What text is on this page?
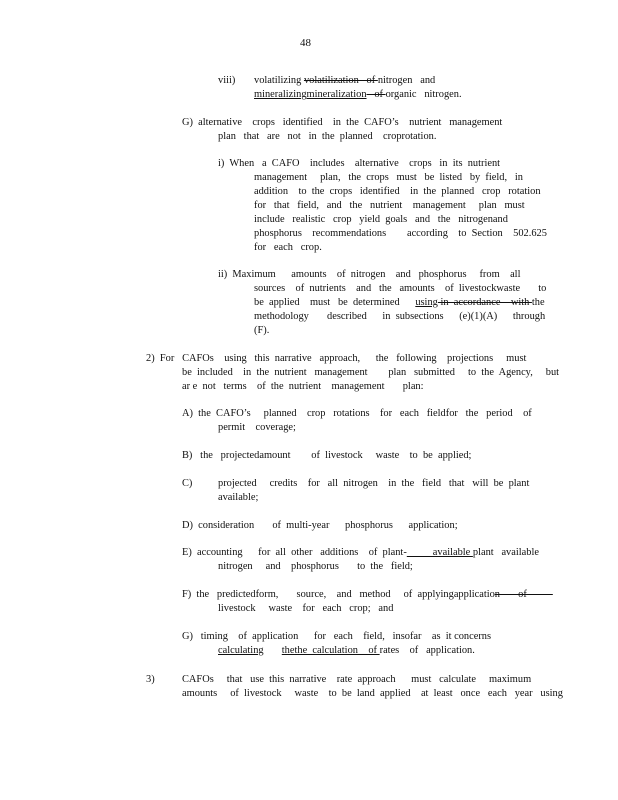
48
viii) volatilizing volatilization   of nitrogen   and
mineralizingmineralization   of organic   nitrogen.
G)  alternative    crops   identified    in  the  CAFO’s    nutrient   management
plan   that   are   not   in  the  planned    croprotation.
i)  When   a  CAFO    includes    alternative    crops   in  its  nutrient
management     plan,   the  crops   must   be  listed   by  field,   in
addition    to  the  crops   identified    in  the  planned   crop   rotation
for   that   field,   and   the   nutrient    management     plan   must
include   realistic   crop   yield  goals   and   the   nitrogenand
phosphorus    recommendations        according    to  Section    502.625
for   each   crop.
ii)  Maximum      amounts    of  nitrogen    and   phosphorus     from    all
sources    of  nutrients    and   the   amounts    of  livestockwaste       to
be  applied    must   be  determined      using in  accordance    with the
methodology       described      in  subsections      (e)(1)(A)      through
(F).
2)  For   CAFOs    using   this  narrative   approach,      the   following    projections     must
be  included    in  the  nutrient   management        plan   submitted     to  the  Agency,     but
ar e  not   terms    of  the  nutrient    management       plan:
A)  the  CAFO’s     planned    crop   rotations    for   each   fieldfor   the   period    of
permit    coverage;
B)   the   projectedamount        of  livestock     waste    to  be  applied;
C) projected     credits    for   all  nitrogen    in  the   field   that   will  be  plant
available;
D)  consideration       of  multi-year      phosphorus      application;
E)  accounting      for  all  other   additions    of  plant-          available plant   available
nitrogen     and    phosphorus       to  the   field;
F)  the   predictedform,       source,    and   method     of  applyingapplication       of
livestock     waste    for   each   crop;   and
G)   timing    of  application      for   each    field,   insofar    as  it concerns
calculating thethe  calculation    of rates    of   application.
3)	CAFOs     that   use  this  narrative    rate  approach      must   calculate     maximum
amounts     of  livestock     waste    to  be  land  applied    at  least   once   each   year   using
